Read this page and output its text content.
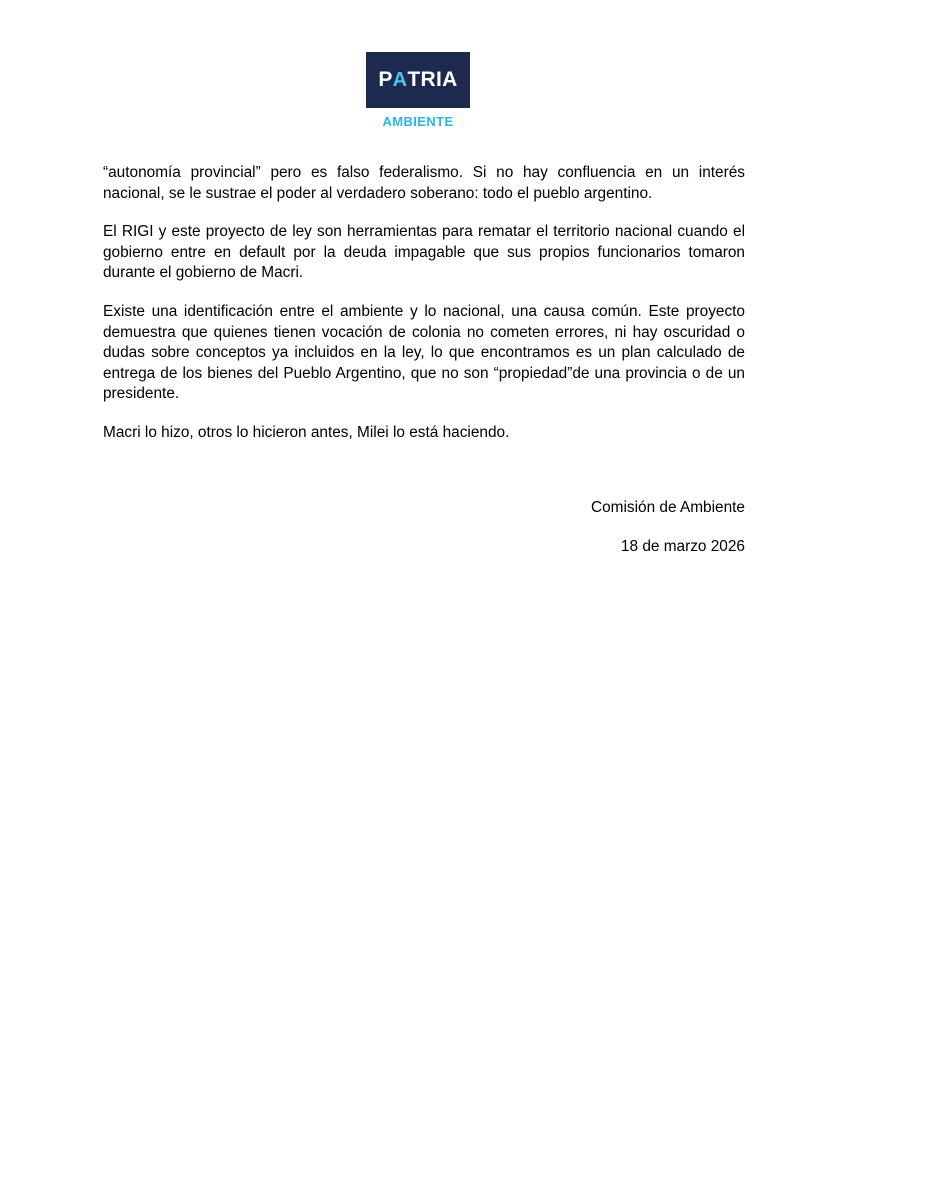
P A TRIA
AMBIENTE

“autonomía provincial” pero es falso federalismo. Si no hay confluencia en un interés nacional, se le sustrae el poder al verdadero soberano: todo el pueblo argentino.

El RIGI y este proyecto de ley son herramientas para rematar el territorio nacional cuando el gobierno entre en default por la deuda impagable que sus propios funcionarios tomaron durante el gobierno de Macri.

Existe una identificación entre el ambiente y lo nacional, una causa común. Este proyecto demuestra que quienes tienen vocación de colonia no cometen errores, ni hay oscuridad o dudas sobre conceptos ya incluidos en la ley, lo que encontramos es un plan calculado de entrega de los bienes del Pueblo Argentino, que no son “propiedad”de una provincia o de un presidente.

Macri lo hizo, otros lo hicieron antes, Milei lo está haciendo.

Comisión de Ambiente
18 de marzo 2026
